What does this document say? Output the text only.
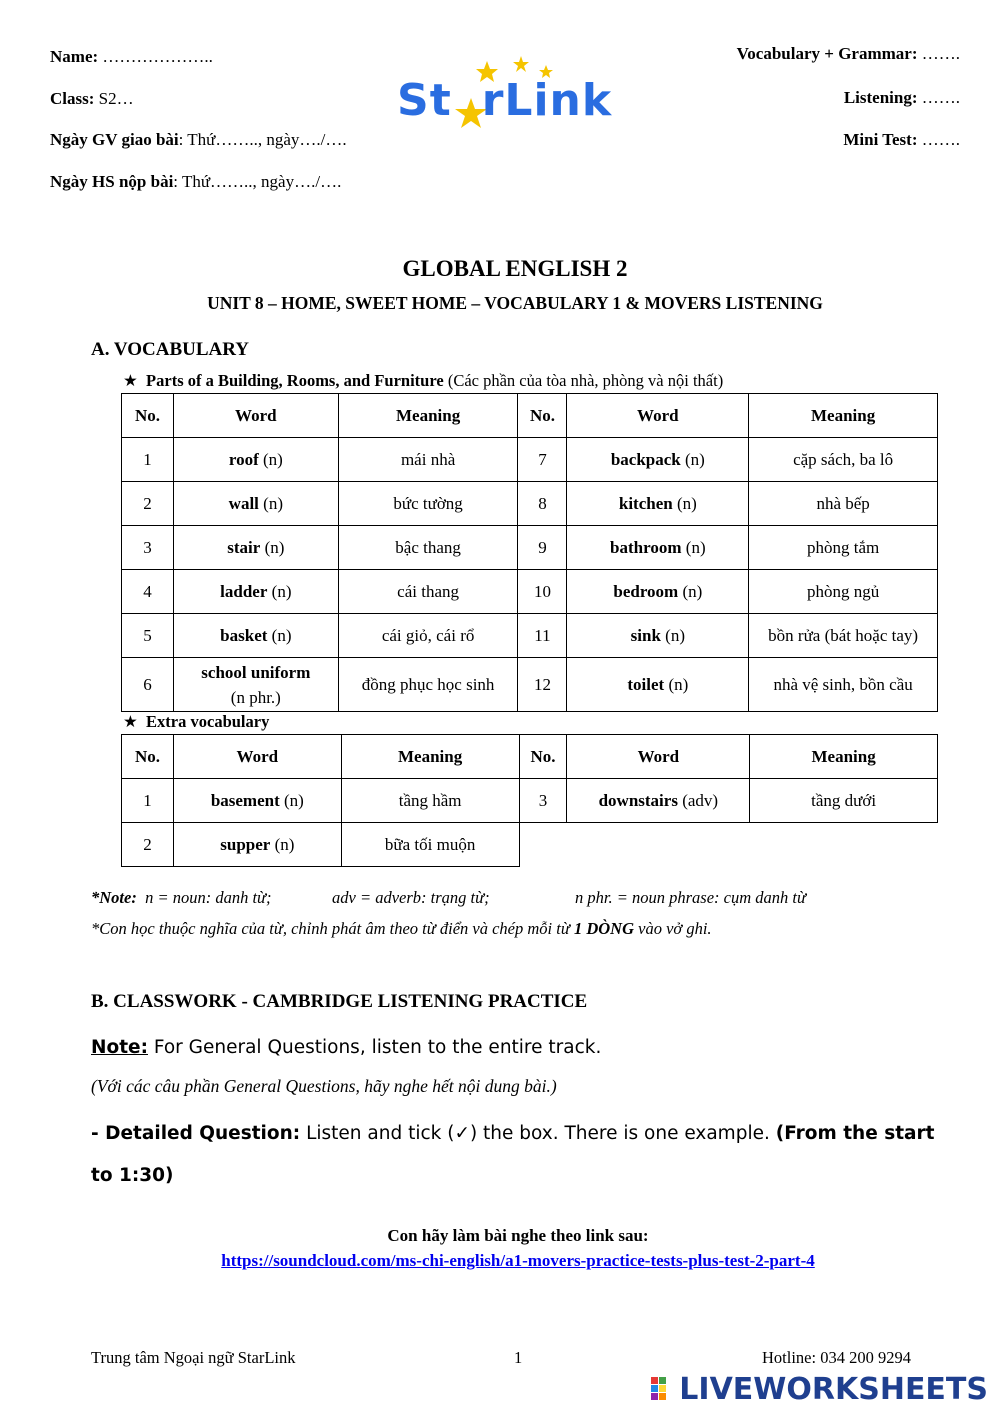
Name: ………………..
Class: S2…
Ngày GV giao bài: Thứ…….., ngày…./….
Ngày HS nộp bài: Thứ…….., ngày…./….
Vocabulary + Grammar: …….
Listening: …….
Mini Test: …….
St rLink
GLOBAL ENGLISH 2
UNIT 8 – HOME, SWEET HOME – VOCABULARY 1 & MOVERS LISTENING
A. VOCABULARY
★ Parts of a Building, Rooms, and Furniture (Các phần của tòa nhà, phòng và nội thất)
No.	Word	Meaning	No.	Word	Meaning
1	roof (n)	mái nhà	7	backpack (n)	cặp sách, ba lô
2	wall (n)	bức tường	8	kitchen (n)	nhà bếp
3	stair (n)	bậc thang	9	bathroom (n)	phòng tắm
4	ladder (n)	cái thang	10	bedroom (n)	phòng ngủ
5	basket (n)	cái giỏ, cái rổ	11	sink (n)	bồn rửa (bát hoặc tay)
6	school uniform
(n phr.)	đồng phục học sinh	12	toilet (n)	nhà vệ sinh, bồn cầu
★ Extra vocabulary
No.	Word	Meaning	No.	Word	Meaning
1	basement (n)	tầng hầm	3	downstairs (adv)	tầng dưới
2	supper (n)	bữa tối muộn			
*Note: n = noun: danh từ;	adv = adverb: trạng từ;	n phr. = noun phrase: cụm danh từ
*Con học thuộc nghĩa của từ, chỉnh phát âm theo từ điển và chép mỗi từ 1 DÒNG vào vở ghi.
B. CLASSWORK - CAMBRIDGE LISTENING PRACTICE
Note: For General Questions, listen to the entire track.
(Với các câu phần General Questions, hãy nghe hết nội dung bài.)
- Detailed Question: Listen and tick (✓) the box. There is one example. (From the start
to 1:30)
Con hãy làm bài nghe theo link sau:
https://soundcloud.com/ms-chi-english/a1-movers-practice-tests-plus-test-2-part-4
Trung tâm Ngoại ngữ StarLink	1	Hotline: 034 200 9294
LIVEWORKSHEETS
